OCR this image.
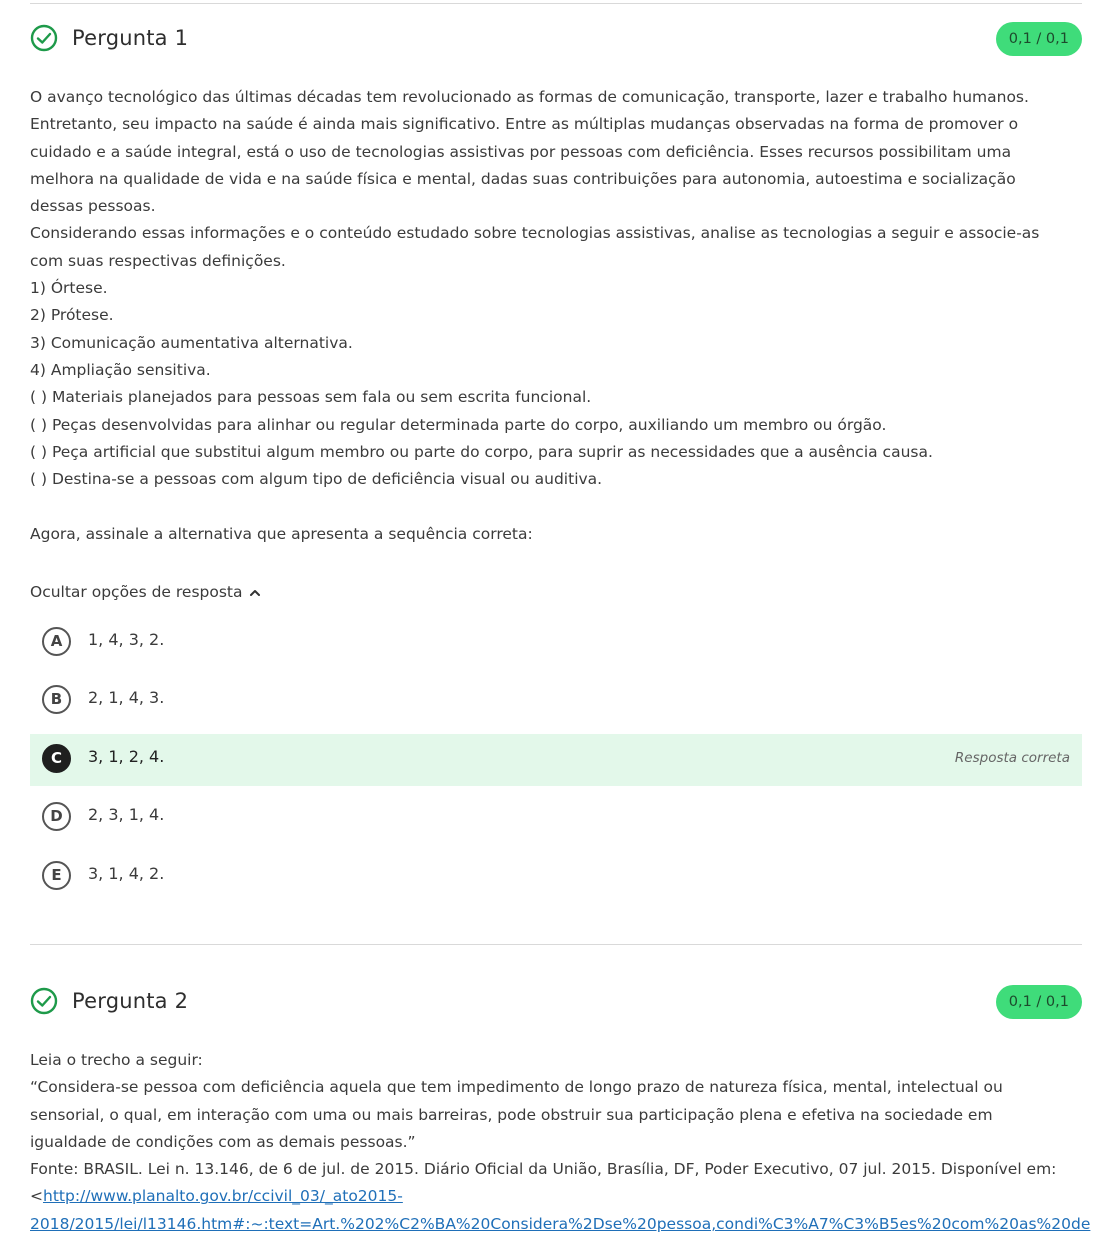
Pergunta 1	0,1 / 0,1
O avanço tecnológico das últimas décadas tem revolucionado as formas de comunicação, transporte, lazer e trabalho humanos.
Entretanto, seu impacto na saúde é ainda mais significativo. Entre as múltiplas mudanças observadas na forma de promover o
cuidado e a saúde integral, está o uso de tecnologias assistivas por pessoas com deficiência. Esses recursos possibilitam uma
melhora na qualidade de vida e na saúde física e mental, dadas suas contribuições para autonomia, autoestima e socialização
dessas pessoas.
Considerando essas informações e o conteúdo estudado sobre tecnologias assistivas, analise as tecnologias a seguir e associe-as
com suas respectivas definições.
1) Órtese.
2) Prótese.
3) Comunicação aumentativa alternativa.
4) Ampliação sensitiva.
( ) Materiais planejados para pessoas sem fala ou sem escrita funcional.
( ) Peças desenvolvidas para alinhar ou regular determinada parte do corpo, auxiliando um membro ou órgão.
( ) Peça artificial que substitui algum membro ou parte do corpo, para suprir as necessidades que a ausência causa.
( ) Destina-se a pessoas com algum tipo de deficiência visual ou auditiva.
Agora, assinale a alternativa que apresenta a sequência correta:
Ocultar opções de resposta
A	1, 4, 3, 2.
B	2, 1, 4, 3.
C	3, 1, 2, 4.	Resposta correta
D	2, 3, 1, 4.
E	3, 1, 4, 2.
Pergunta 2	0,1 / 0,1
Leia o trecho a seguir:
“Considera-se pessoa com deficiência aquela que tem impedimento de longo prazo de natureza física, mental, intelectual ou
sensorial, o qual, em interação com uma ou mais barreiras, pode obstruir sua participação plena e efetiva na sociedade em
igualdade de condições com as demais pessoas.”
Fonte: BRASIL. Lei n. 13.146, de 6 de jul. de 2015. Diário Oficial da União, Brasília, DF, Poder Executivo, 07 jul. 2015. Disponível em:
<http://www.planalto.gov.br/ccivil_03/_ato2015-
2018/2015/lei/l13146.htm#:~:text=Art.%202%C2%BA%20Considera%2Dse%20pessoa,condi%C3%A7%C3%B5es%20com%20as%20de
